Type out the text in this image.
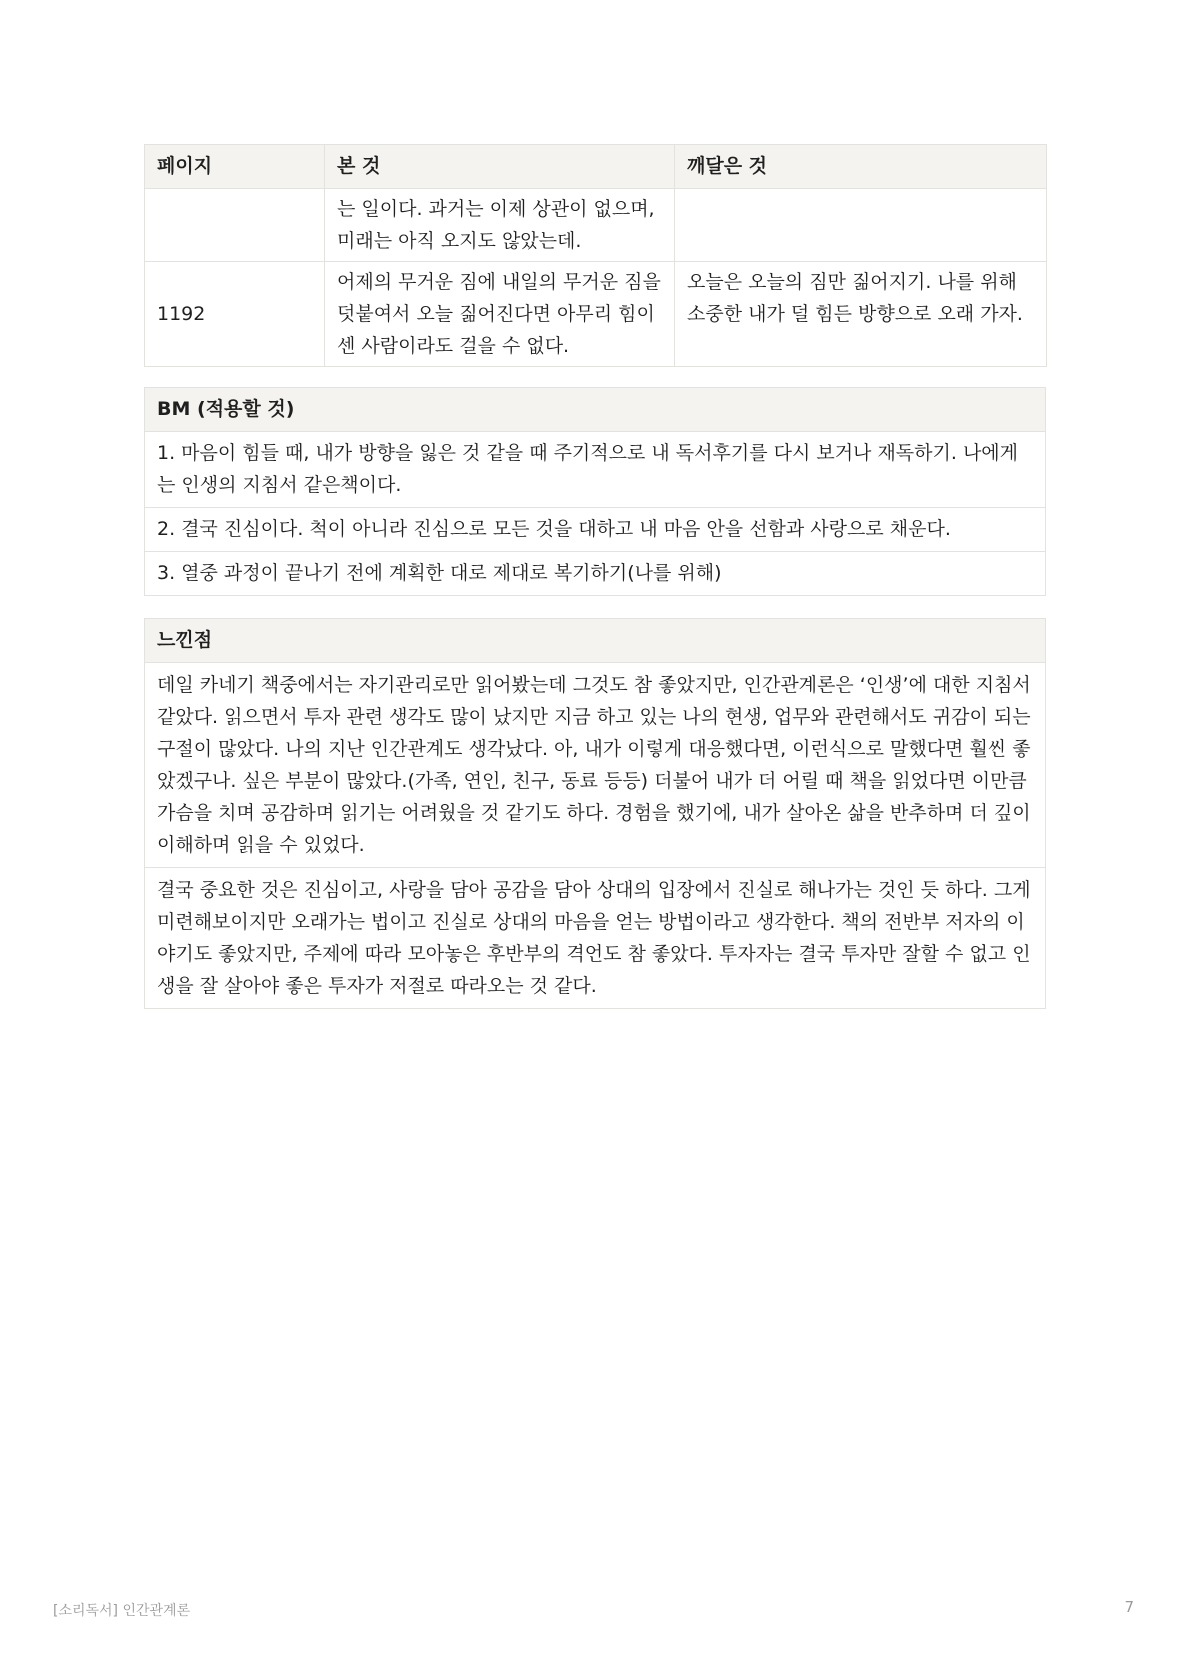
페이지	본 것	깨달은 것
	는 일이다. 과거는 이제 상관이 없으며, 미래는 아직 오지도 않았는데.	
1192	어제의 무거운 짐에 내일의 무거운 짐을 덧붙여서 오늘 짊어진다면 아무리 힘이 센 사람이라도 걸을 수 없다.	오늘은 오늘의 짐만 짊어지기. 나를 위해 소중한 내가 덜 힘든 방향으로 오래 가자.
BM (적용할 것)
1. 마음이 힘들 때, 내가 방향을 잃은 것 같을 때 주기적으로 내 독서후기를 다시 보거나 재독하기. 나에게는 인생의 지침서 같은책이다.
2. 결국 진심이다. 척이 아니라 진심으로 모든 것을 대하고 내 마음 안을 선함과 사랑으로 채운다.
3. 열중 과정이 끝나기 전에 계획한 대로 제대로 복기하기(나를 위해)
느낀점
데일 카네기 책중에서는 자기관리로만 읽어봤는데 그것도 참 좋았지만, 인간관계론은 ‘인생’에 대한 지침서같았다. 읽으면서 투자 관련 생각도 많이 났지만 지금 하고 있는 나의 현생, 업무와 관련해서도 귀감이 되는 구절이 많았다. 나의 지난 인간관계도 생각났다. 아, 내가 이렇게 대응했다면, 이런식으로 말했다면 훨씬 좋았겠구나. 싶은 부분이 많았다.(가족, 연인, 친구, 동료 등등) 더불어 내가 더 어릴 때 책을 읽었다면 이만큼 가슴을 치며 공감하며 읽기는 어려웠을 것 같기도 하다. 경험을 했기에, 내가 살아온 삶을 반추하며 더 깊이 이해하며 읽을 수 있었다.
결국 중요한 것은 진심이고, 사랑을 담아 공감을 담아 상대의 입장에서 진실로 해나가는 것인 듯 하다. 그게 미련해보이지만 오래가는 법이고 진실로 상대의 마음을 얻는 방법이라고 생각한다. 책의 전반부 저자의 이야기도 좋았지만, 주제에 따라 모아놓은 후반부의 격언도 참 좋았다. 투자자는 결국 투자만 잘할 수 없고 인생을 잘 살아야 좋은 투자가 저절로 따라오는 것 같다.
[소리독서] 인간관계론	7
